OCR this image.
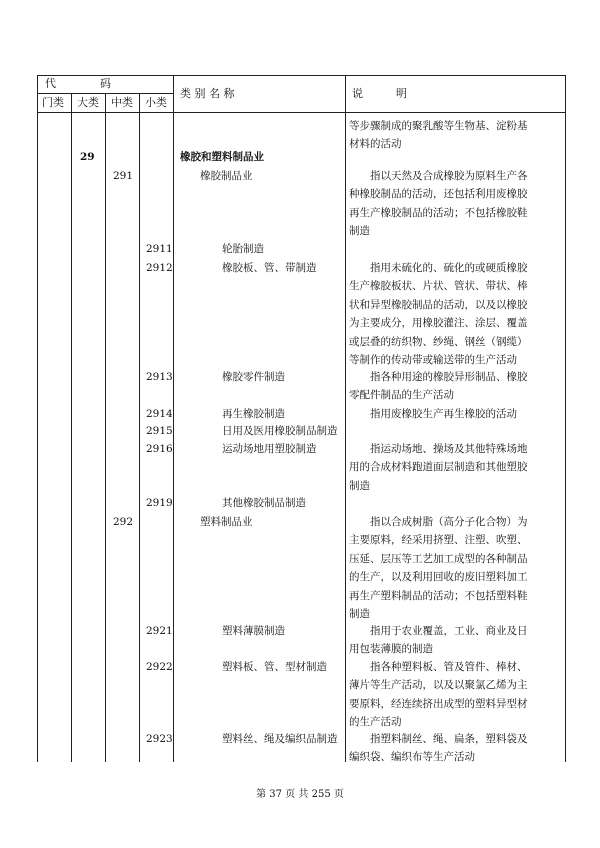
代　　　　码
门类 大类 中类 小类
类 别 名 称	说　　　明
等步骤制成的聚乳酸等生物基、淀粉基
材料的活动
29	橡胶和塑料制品业
291	橡胶制品业	　　指以天然及合成橡胶为原料生产各
种橡胶制品的活动，还包括利用废橡胶
再生产橡胶制品的活动；不包括橡胶鞋
制造
2911	轮胎制造
2912	橡胶板、管、带制造	　　指用未硫化的、硫化的或硬质橡胶
生产橡胶板状、片状、管状、带状、棒
状和异型橡胶制品的活动，以及以橡胶
为主要成分，用橡胶灌注、涂层、覆盖
或层叠的纺织物、纱绳、钢丝（钢缆）
等制作的传动带或输送带的生产活动
2913	橡胶零件制造	　　指各种用途的橡胶异形制品、橡胶
零配件制品的生产活动
2914	再生橡胶制造	　　指用废橡胶生产再生橡胶的活动
2915	日用及医用橡胶制品制造
2916	运动场地用塑胶制造	　　指运动场地、操场及其他特殊场地
用的合成材料跑道面层制造和其他塑胶
制造
2919	其他橡胶制品制造
292	塑料制品业	　　指以合成树脂（高分子化合物）为
主要原料，经采用挤塑、注塑、吹塑、
压延、层压等工艺加工成型的各种制品
的生产，以及利用回收的废旧塑料加工
再生产塑料制品的活动；不包括塑料鞋
制造
2921	塑料薄膜制造	　　指用于农业覆盖，工业、商业及日
用包装薄膜的制造
2922	塑料板、管、型材制造 　　指各种塑料板、管及管件、棒材、
薄片等生产活动，以及以聚氯乙烯为主
要原料，经连续挤出成型的塑料异型材
的生产活动
2923	塑料丝、绳及编织品制造 　　指塑料制丝、绳、扁条，塑料袋及
编织袋、编织布等生产活动
第 37 页 共 255 页
